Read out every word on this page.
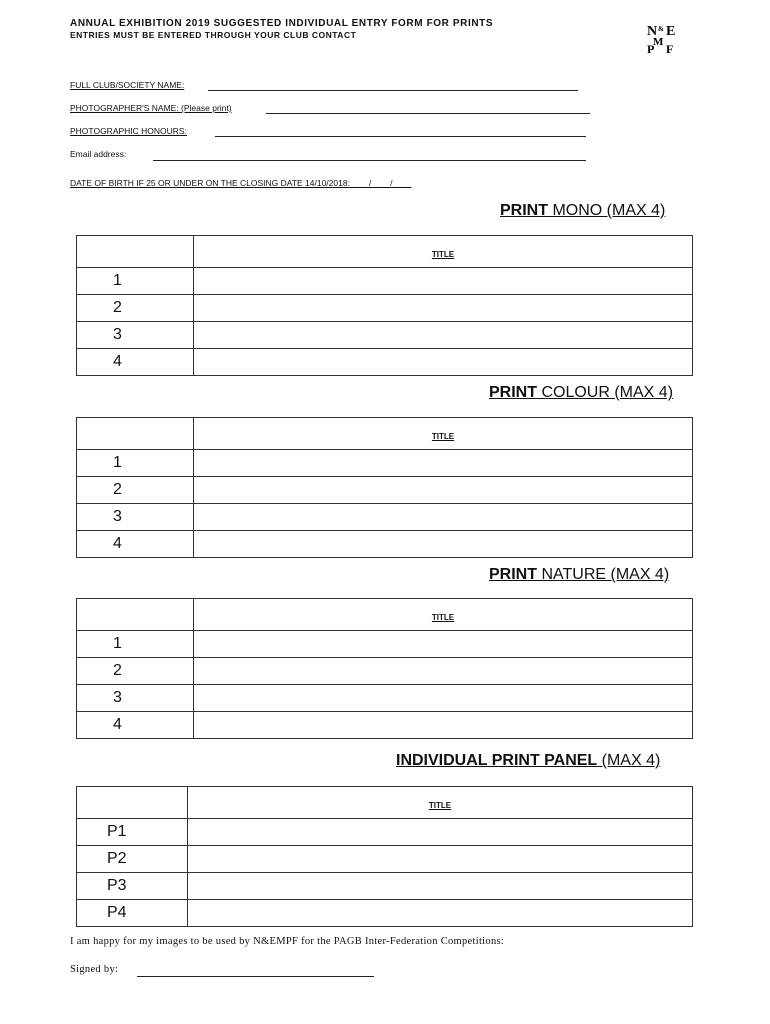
ANNUAL EXHIBITION 2019 SUGGESTED INDIVIDUAL ENTRY FORM FOR PRINTS
ENTRIES MUST BE ENTERED THROUGH YOUR CLUB CONTACT	N & E
M
P F
FULL CLUB/SOCIETY NAME:
PHOTOGRAPHER'S NAME: (Please print)
PHOTOGRAPHIC HONOURS:
Email address:
DATE OF BIRTH IF 25 OR UNDER ON THE CLOSING DATE 14/10/2018: ___ /____/____
PRINT MONO (MAX 4)
	TITLE
1	
2	
3	
4	
PRINT COLOUR (MAX 4)
	TITLE
1	
2	
3	
4	
PRINT NATURE (MAX 4)
	TITLE
1	
2	
3	
4	
INDIVIDUAL PRINT PANEL (MAX 4)
	TITLE
P1	
P2	
P3	
P4	
I am happy for my images to be used by N&EMPF for the PAGB Inter-Federation Competitions:
Signed by:
